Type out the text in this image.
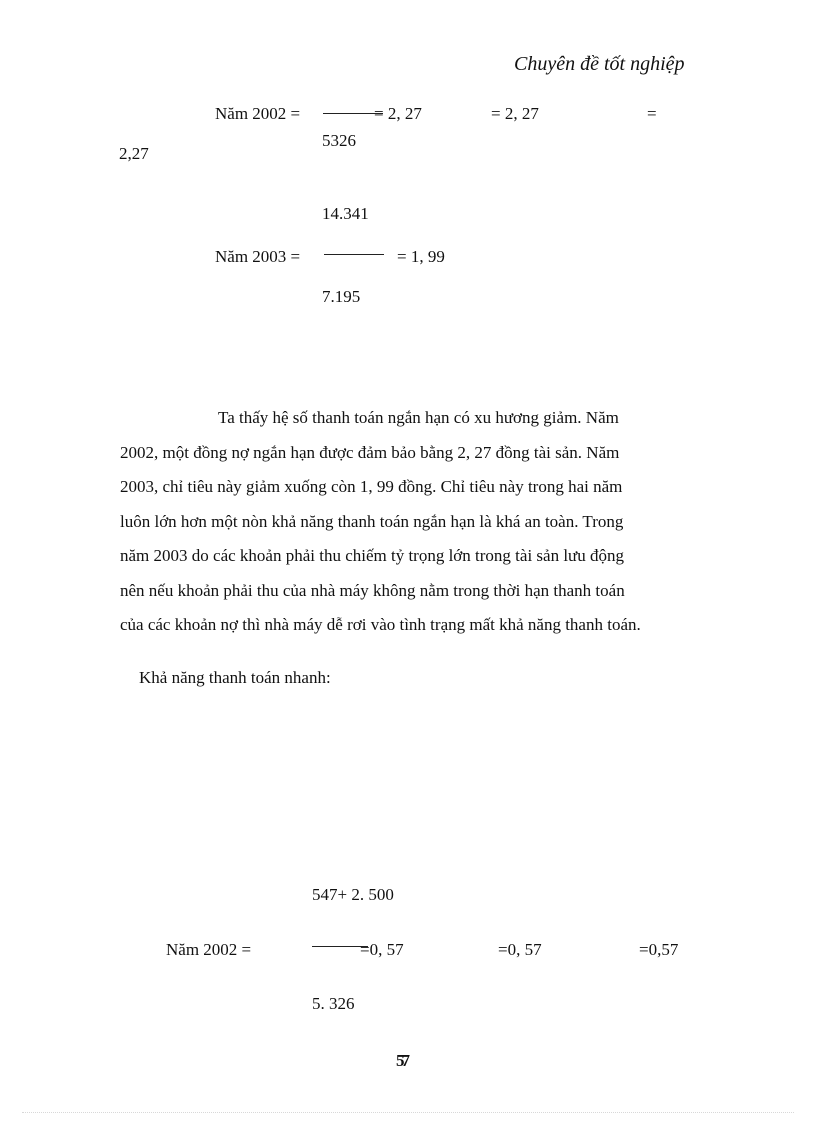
Chuyên đề tốt nghiệp
Năm 2002 =	= 2, 27	= 2, 27	=
5326
2,27
14.341
Năm 2003 =	= 1, 99
7.195

Ta thấy hệ số thanh toán ngắn hạn có xu hương giảm. Năm

2002, một đồng nợ ngắn hạn được đảm bảo bằng 2, 27 đồng tài sản. Năm

2003, chỉ tiêu này giảm xuống còn 1, 99 đồng. Chỉ tiêu này trong hai năm

luôn lớn hơn một nòn khả năng thanh toán ngắn hạn là khá an toàn. Trong

năm 2003 do các khoản phải thu chiếm tỷ trọng lớn trong tài sản lưu động

nên nếu khoản phải thu của nhà máy không nằm trong thời hạn thanh toán

của các khoản nợ thì nhà máy dễ rơi vào tình trạng mất khả năng thanh toán.

Khả năng thanh toán nhanh:
547+ 2. 500
Năm 2002 =	=0, 57	=0, 57	=0,57
5. 326
57
